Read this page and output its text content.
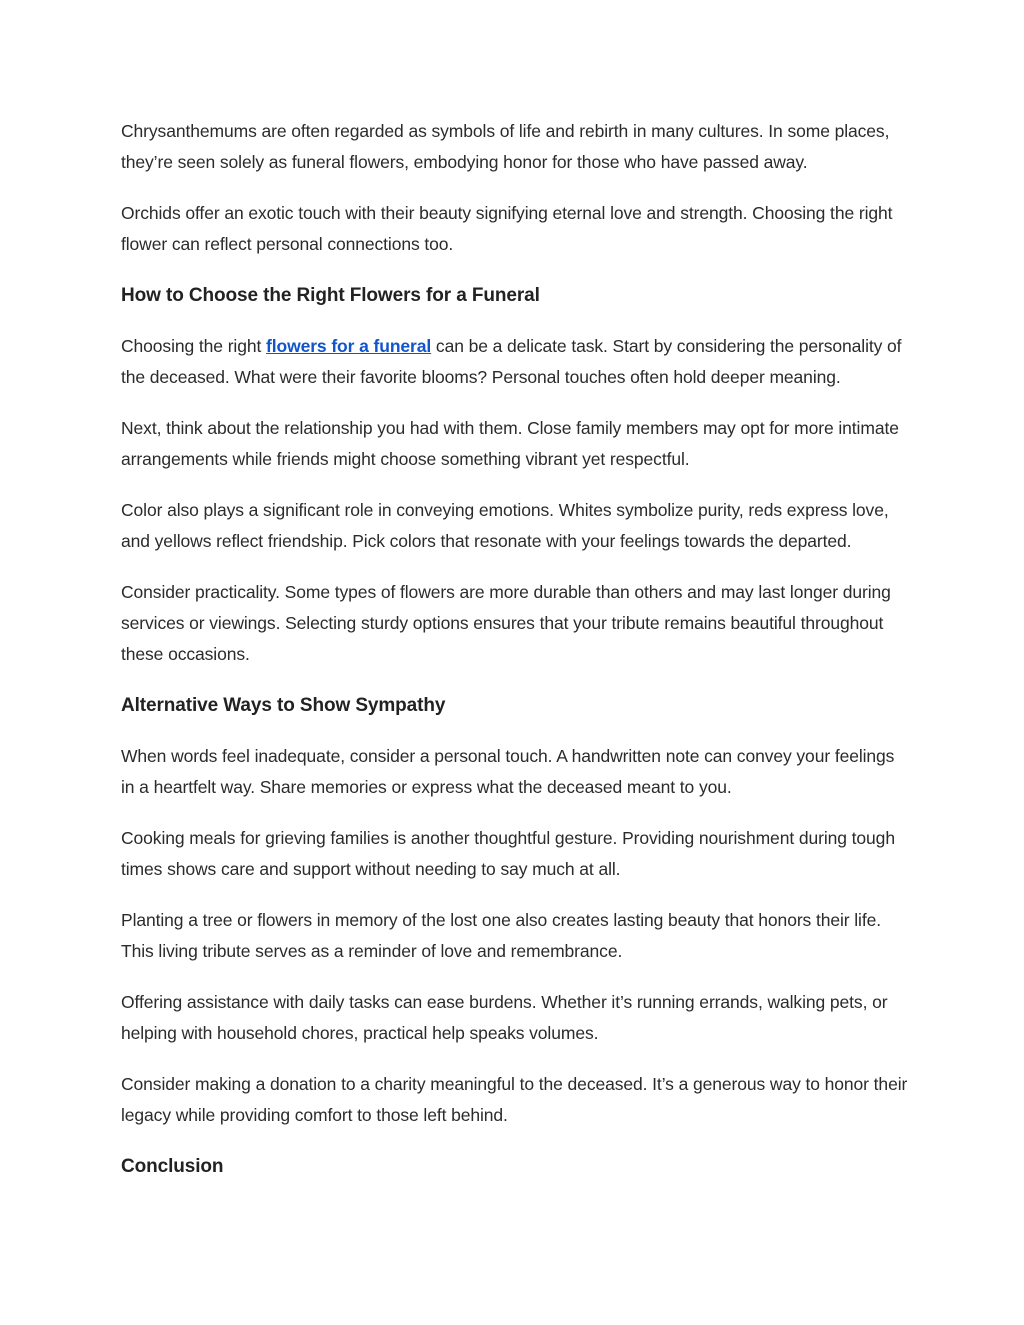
Chrysanthemums are often regarded as symbols of life and rebirth in many cultures. In some places, they’re seen solely as funeral flowers, embodying honor for those who have passed away.

Orchids offer an exotic touch with their beauty signifying eternal love and strength. Choosing the right flower can reflect personal connections too.

How to Choose the Right Flowers for a Funeral

Choosing the right flowers for a funeral can be a delicate task. Start by considering the personality of the deceased. What were their favorite blooms? Personal touches often hold deeper meaning.

Next, think about the relationship you had with them. Close family members may opt for more intimate arrangements while friends might choose something vibrant yet respectful.

Color also plays a significant role in conveying emotions. Whites symbolize purity, reds express love, and yellows reflect friendship. Pick colors that resonate with your feelings towards the departed.

Consider practicality. Some types of flowers are more durable than others and may last longer during services or viewings. Selecting sturdy options ensures that your tribute remains beautiful throughout these occasions.

Alternative Ways to Show Sympathy

When words feel inadequate, consider a personal touch. A handwritten note can convey your feelings in a heartfelt way. Share memories or express what the deceased meant to you.

Cooking meals for grieving families is another thoughtful gesture. Providing nourishment during tough times shows care and support without needing to say much at all.

Planting a tree or flowers in memory of the lost one also creates lasting beauty that honors their life. This living tribute serves as a reminder of love and remembrance.

Offering assistance with daily tasks can ease burdens. Whether it’s running errands, walking pets, or helping with household chores, practical help speaks volumes.

Consider making a donation to a charity meaningful to the deceased. It’s a generous way to honor their legacy while providing comfort to those left behind.

Conclusion
